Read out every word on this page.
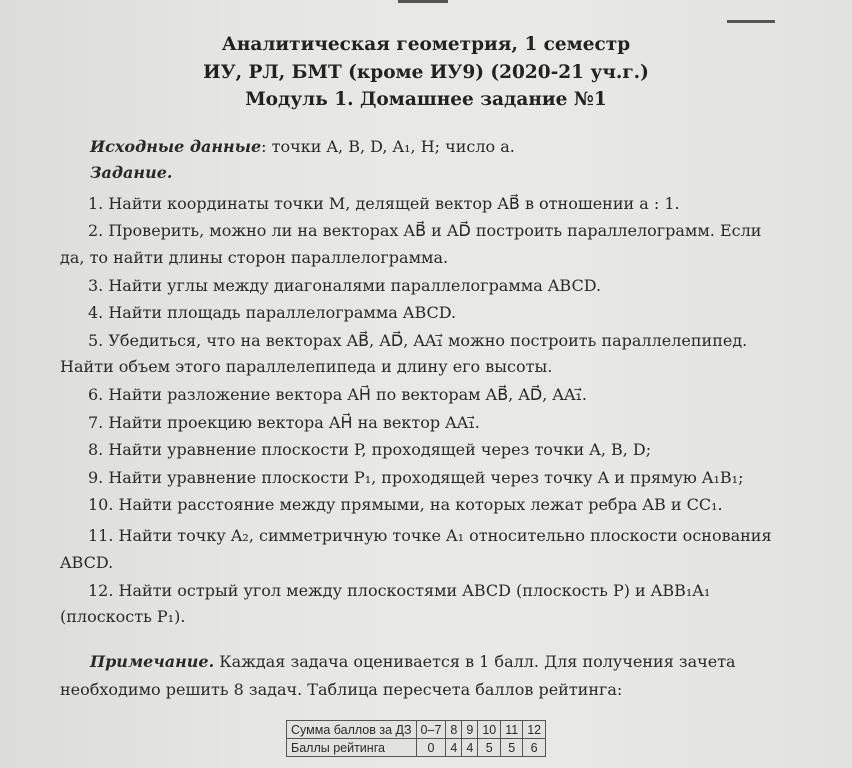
Аналитическая геометрия, 1 семестр
ИУ, РЛ, БМТ (кроме ИУ9) (2020-21 уч.г.)
Модуль 1. Домашнее задание №1
Исходные данные: точки A, B, D, A₁, H; число a.
Задание.
1. Найти координаты точки M, делящей вектор AB⃗ в отношении a : 1.
2. Проверить, можно ли на векторах AB⃗ и AD⃗ построить параллелограмм. Если
да, то найти длины сторон параллелограмма.
3. Найти углы между диагоналями параллелограмма ABCD.
4. Найти площадь параллелограмма ABCD.
5. Убедиться, что на векторах AB⃗, AD⃗, AA₁⃗ можно построить параллелепипед.
Найти объем этого параллелепипеда и длину его высоты.
6. Найти разложение вектора AH⃗ по векторам AB⃗, AD⃗, AA₁⃗.
7. Найти проекцию вектора AH⃗ на вектор AA₁⃗.
8. Найти уравнение плоскости P, проходящей через точки A, B, D;
9. Найти уравнение плоскости P₁, проходящей через точку A и прямую A₁B₁;
10. Найти расстояние между прямыми, на которых лежат ребра AB и CC₁.
11. Найти точку A₂, симметричную точке A₁ относительно плоскости основания
ABCD.
12. Найти острый угол между плоскостями ABCD (плоскость P) и ABB₁A₁
(плоскость P₁).
Примечание. Каждая задача оценивается в 1 балл. Для получения зачета
необходимо решить 8 задач. Таблица пересчета баллов рейтинга:
Сумма баллов за ДЗ	0–7	8	9	10	11	12
Баллы рейтинга	0	4	4	5	5	6
